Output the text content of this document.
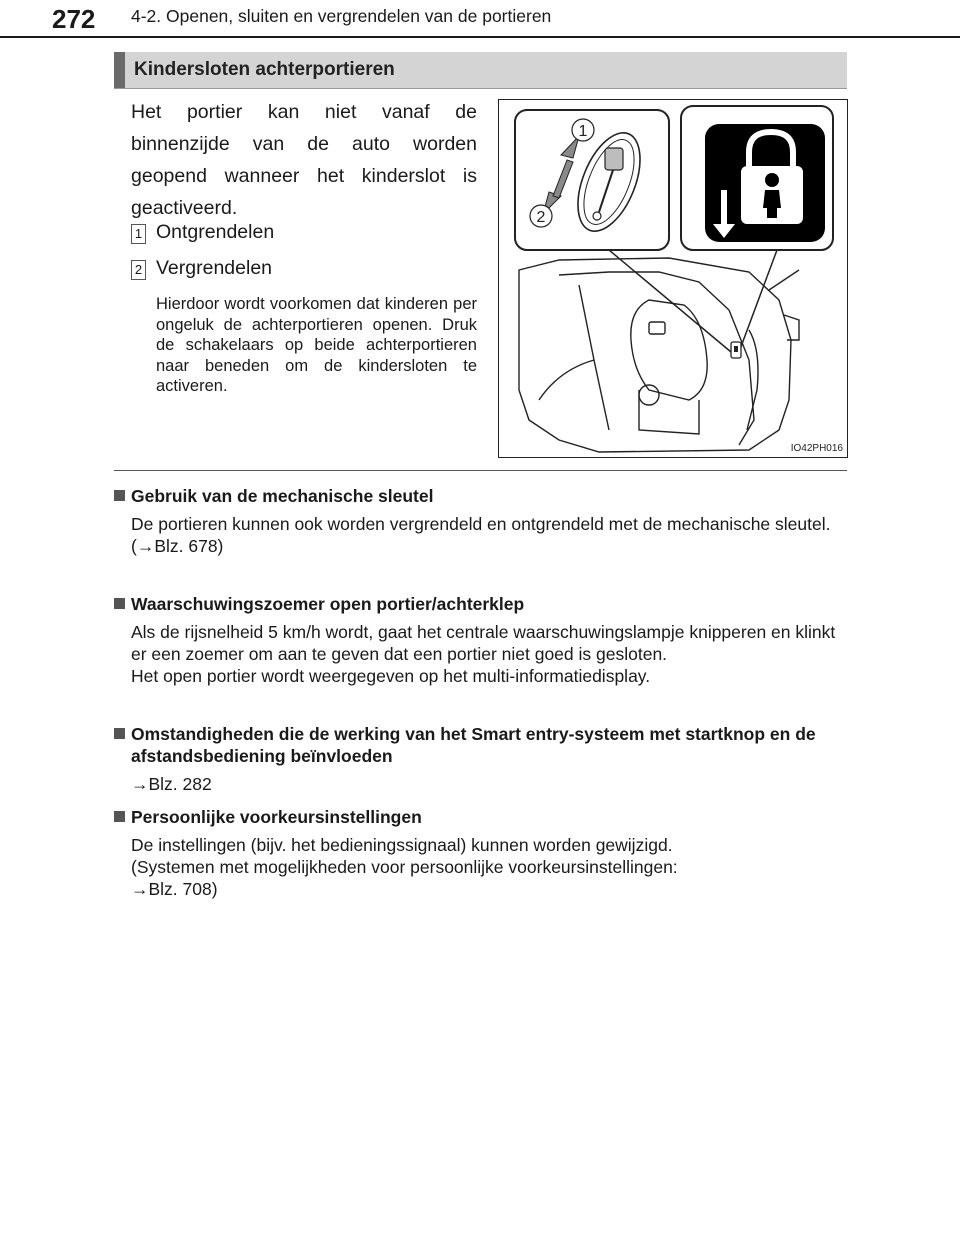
272 4-2. Openen, sluiten en vergrendelen van de portieren
Kindersloten achterportieren
Het portier kan niet vanaf de binnenzijde van de auto worden geopend wanneer het kinderslot is geactiveerd.
1 Ontgrendelen
2 Vergrendelen
Hierdoor wordt voorkomen dat kinderen per ongeluk de achterportieren openen. Druk de schakelaars op beide achterportieren naar beneden om de kindersloten te activeren.
1
2
IO42PH016
Gebruik van de mechanische sleutel

De portieren kunnen ook worden vergrendeld en ontgrendeld met de mechanische sleutel.

(→Blz. 678)

Waarschuwingszoemer open portier/achterklep

Als de rijsnelheid 5 km/h wordt, gaat het centrale waarschuwingslampje knipperen en klinkt er een zoemer om aan te geven dat een portier niet goed is gesloten.

Het open portier wordt weergegeven op het multi-informatiedisplay.

Omstandigheden die de werking van het Smart entry-systeem met startknop en de afstandsbediening beïnvloeden

→Blz. 282

Persoonlijke voorkeursinstellingen

De instellingen (bijv. het bedieningssignaal) kunnen worden gewijzigd.

(Systemen met mogelijkheden voor persoonlijke voorkeursinstellingen:

→Blz. 708)
